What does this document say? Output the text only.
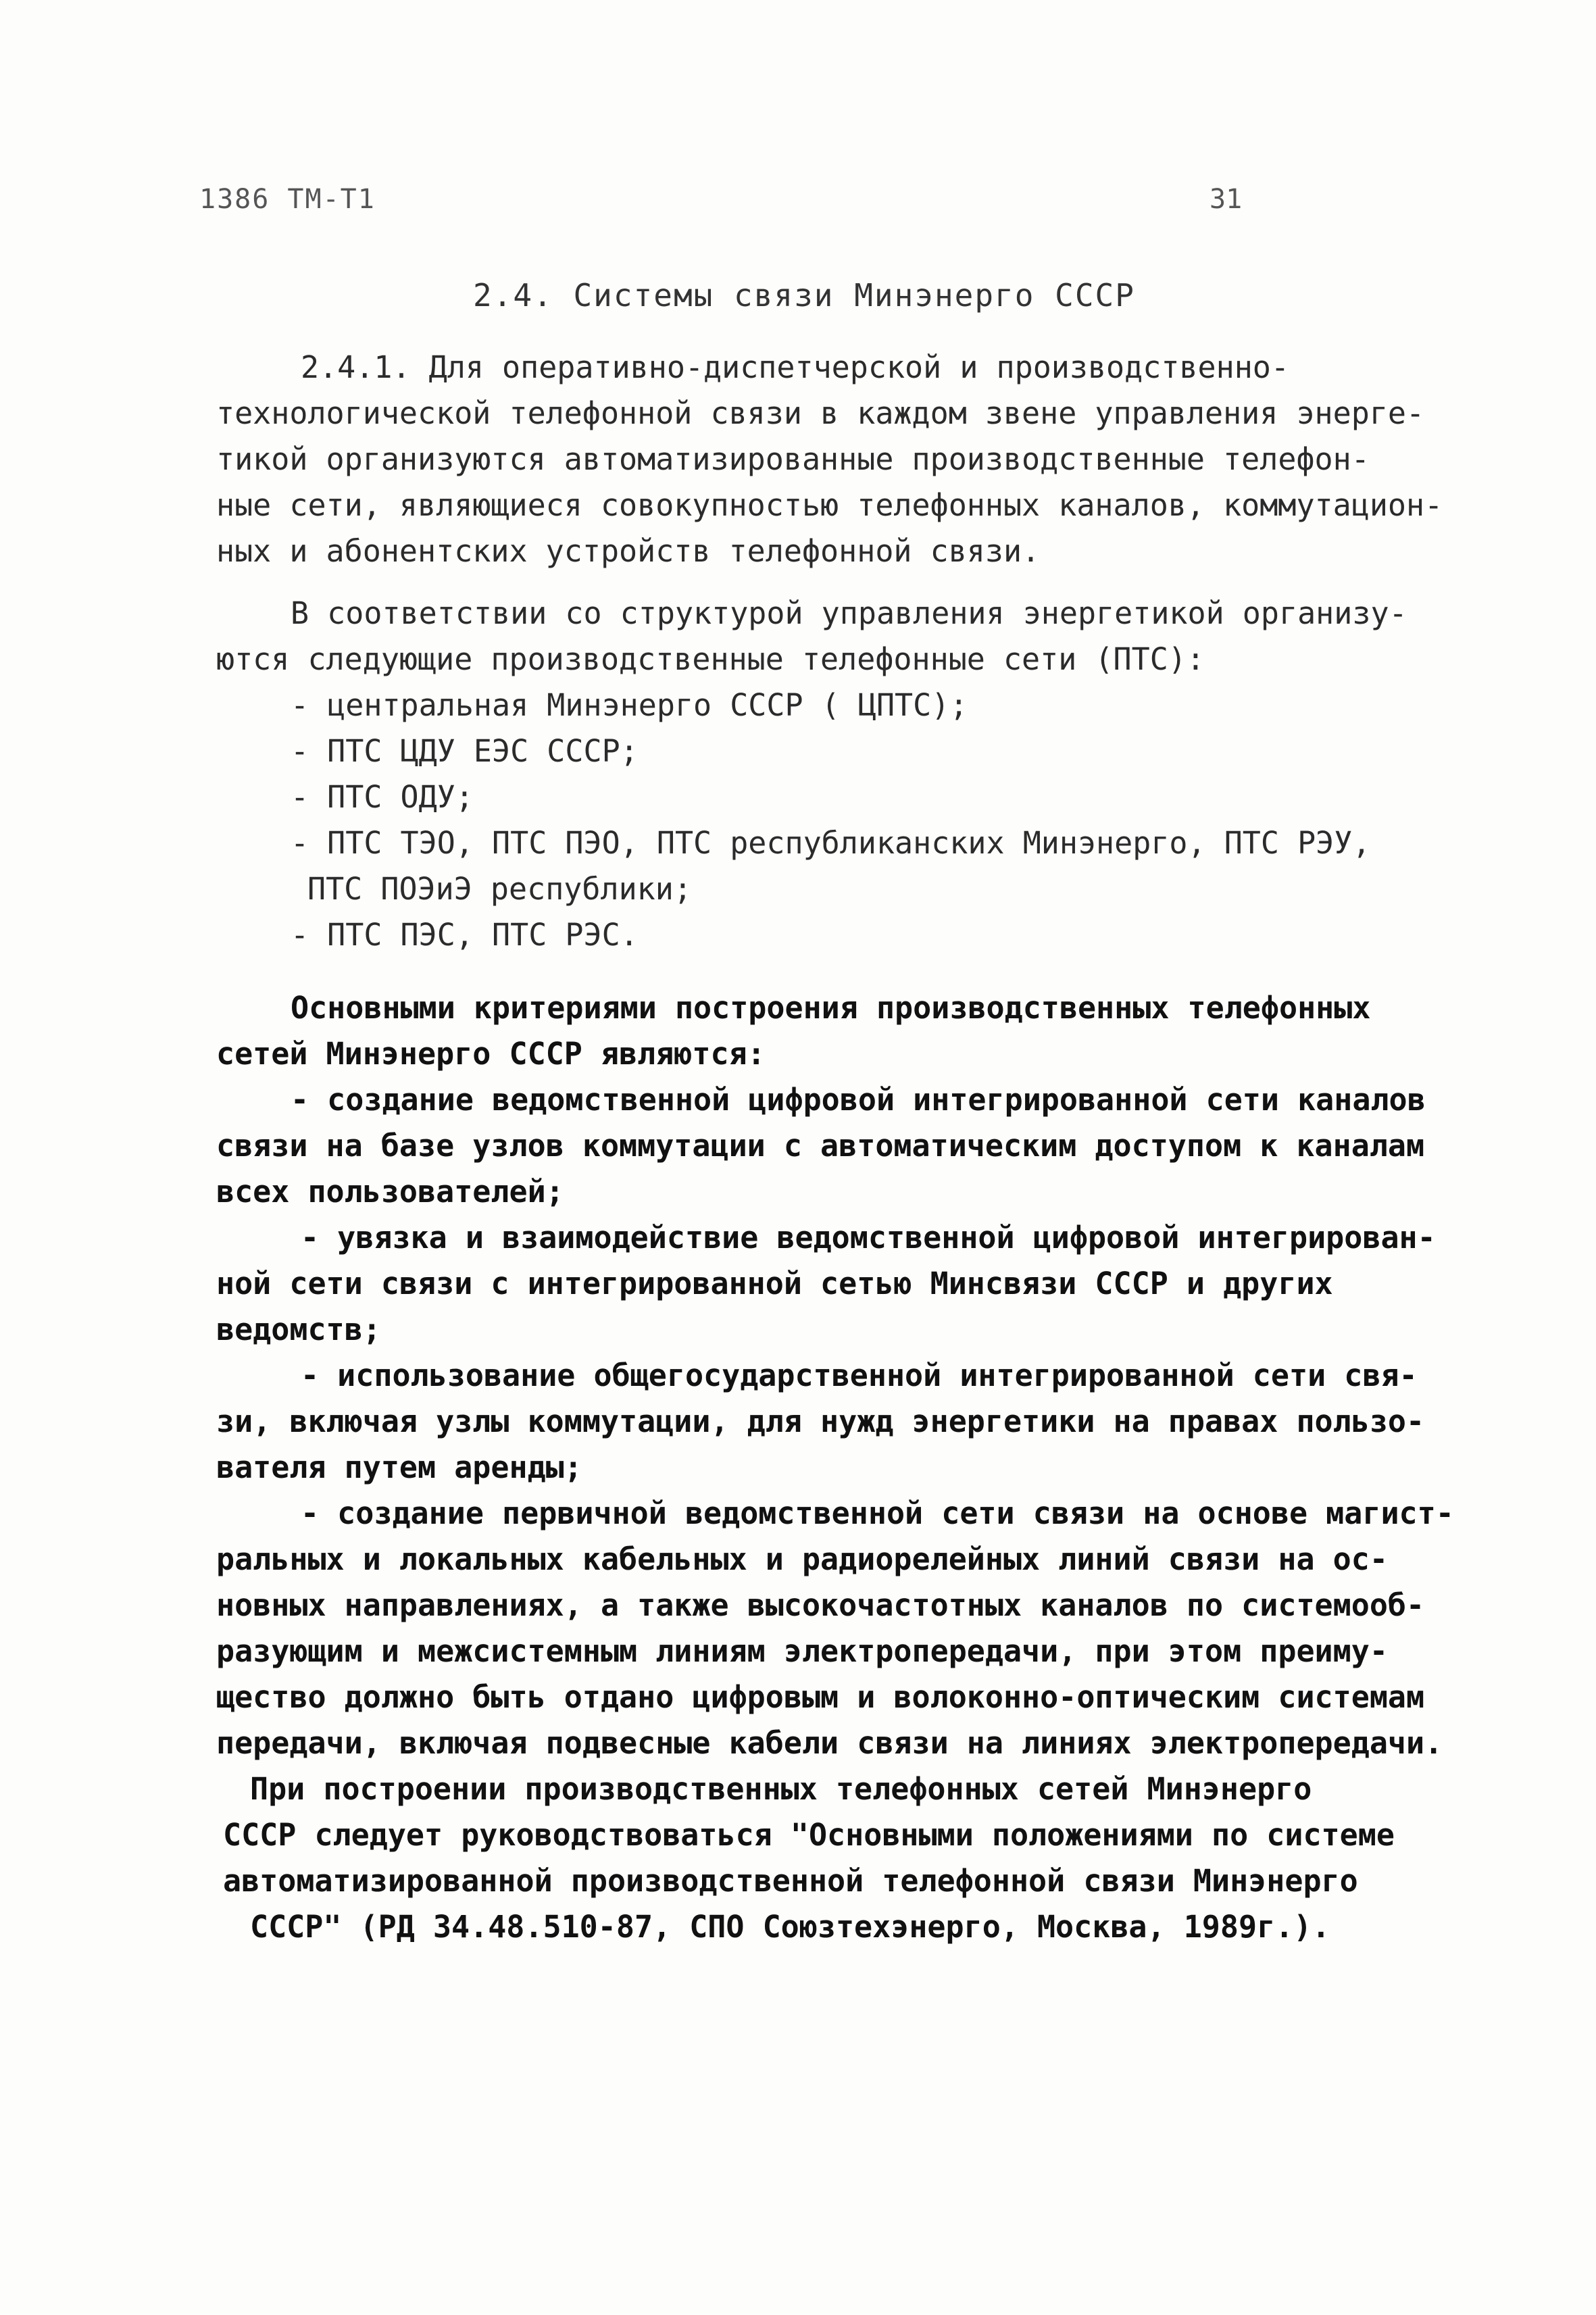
1386 ТМ-Т1	31
2.4. Системы связи Минэнерго СССР
2.4.1. Для оперативно-диспетчерской и производственно-
технологической телефонной связи в каждом звене управления энерге-
тикой организуются автоматизированные производственные телефон-
ные сети, являющиеся совокупностью телефонных каналов, коммутацион-
ных и абонентских устройств телефонной связи.
В соответствии со структурой управления энергетикой организу-
ются следующие производственные телефонные сети (ПТС):
- центральная Минэнерго СССР ( ЦПТС);
- ПТС ЦДУ ЕЭС СССР;
- ПТС ОДУ;
- ПТС ТЭО, ПТС ПЭО, ПТС республиканских Минэнерго, ПТС РЭУ,
ПТС ПОЭиЭ республики;
- ПТС ПЭС, ПТС РЭС.
Основными критериями построения производственных телефонных
сетей Минэнерго СССР являются:
- создание ведомственной цифровой интегрированной сети каналов
связи на базе узлов коммутации с автоматическим доступом к каналам
всех пользователей;
- увязка и взаимодействие ведомственной цифровой интегрирован-
ной сети связи с интегрированной сетью Минсвязи СССР и других
ведомств;
- использование общегосударственной интегрированной сети свя-
зи, включая узлы коммутации, для нужд энергетики на правах пользо-
вателя путем аренды;
- создание первичной ведомственной сети связи на основе магист-
ральных и локальных кабельных и радиорелейных линий связи на ос-
новных направлениях, а также высокочастотных каналов по системооб-
разующим и межсистемным линиям электропередачи, при этом преиму-
щество должно быть отдано цифровым и волоконно-оптическим системам
передачи, включая подвесные кабели связи на линиях электропередачи.
При построении производственных телефонных сетей Минэнерго
СССР следует руководствоваться "Основными положениями по системе
автоматизированной производственной телефонной связи Минэнерго
СССР" (РД 34.48.510-87, СПО Союзтехэнерго, Москва, 1989г.).
